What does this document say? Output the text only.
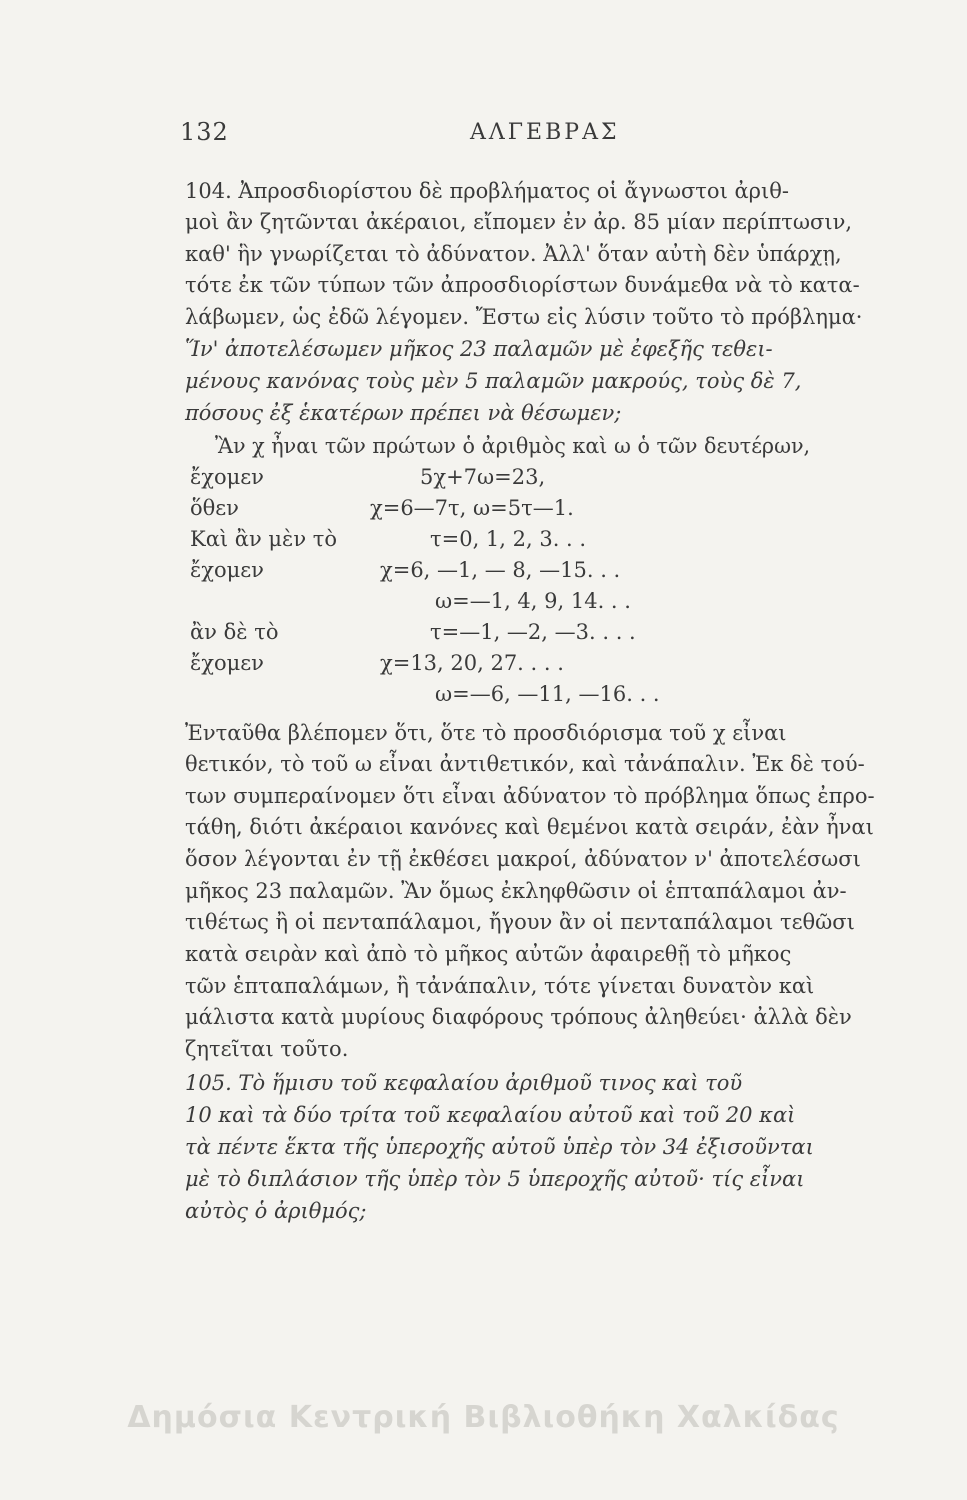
132	ΑΛΓΕΒΡΑΣ
104. Ἀπροσδιορίστου δὲ προβλήματος οἱ ἄγνωστοι ἀριθ-
μοὶ ἂν ζητῶνται ἀκέραιοι, εἴπομεν ἐν ἀρ. 85 μίαν περίπτωσιν,
καθ' ἣν γνωρίζεται τὸ ἀδύνατον. Ἀλλ' ὅταν αὐτὴ δὲν ὑπάρχῃ,
τότε ἐκ τῶν τύπων τῶν ἀπροσδιορίστων δυνάμεθα νὰ τὸ κατα-
λάβωμεν, ὡς ἐδῶ λέγομεν. Ἔστω εἰς λύσιν τοῦτο τὸ πρόβλημα·
Ἵν' ἀποτελέσωμεν μῆκος 23 παλαμῶν μὲ ἐφεξῆς τεθει-
μένους κανόνας τοὺς μὲν 5 παλαμῶν μακρούς, τοὺς δὲ 7,
πόσους ἐξ ἑκατέρων πρέπει νὰ θέσωμεν;
Ἂν χ ἦναι τῶν πρώτων ὁ ἀριθμὸς καὶ ω ὁ τῶν δευτέρων,
ἔχομεν	5χ+7ω=23,
ὅθεν	χ=6—7τ, ω=5τ—1.
Καὶ ἂν μὲν τὸ	τ=0, 1, 2, 3. . .
ἔχομεν	χ=6, —1, — 8, —15. . .
ω=—1, 4, 9, 14. . .
ἂν δὲ τὸ	τ=—1, —2, —3. . . .
ἔχομεν	χ=13, 20, 27. . . .
ω=—6, —11, —16. . .
Ἐνταῦθα βλέπομεν ὅτι, ὅτε τὸ προσδιόρισμα τοῦ χ εἶναι
θετικόν, τὸ τοῦ ω εἶναι ἀντιθετικόν, καὶ τἀνάπαλιν. Ἐκ δὲ τού-
των συμπεραίνομεν ὅτι εἶναι ἀδύνατον τὸ πρόβλημα ὅπως ἐπρο-
τάθη, διότι ἀκέραιοι κανόνες καὶ θεμένοι κατὰ σειράν, ἐὰν ἦναι
ὅσον λέγονται ἐν τῇ ἐκθέσει μακροί, ἀδύνατον ν' ἀποτελέσωσι
μῆκος 23 παλαμῶν. Ἂν ὅμως ἐκληφθῶσιν οἱ ἑπταπάλαμοι ἀν-
τιθέτως ἢ οἱ πενταπάλαμοι, ἤγουν ἂν οἱ πενταπάλαμοι τεθῶσι
κατὰ σειρὰν καὶ ἀπὸ τὸ μῆκος αὐτῶν ἀφαιρεθῇ τὸ μῆκος
τῶν ἑπταπαλάμων, ἢ τἀνάπαλιν, τότε γίνεται δυνατὸν καὶ
μάλιστα κατὰ μυρίους διαφόρους τρόπους ἀληθεύει· ἀλλὰ δὲν
ζητεῖται τοῦτο.
105. Τὸ ἥμισυ τοῦ κεφαλαίου ἀριθμοῦ τινος καὶ τοῦ
10 καὶ τὰ δύο τρίτα τοῦ κεφαλαίου αὐτοῦ καὶ τοῦ 20 καὶ
τὰ πέντε ἕκτα τῆς ὑπεροχῆς αὐτοῦ ὑπὲρ τὸν 34 ἐξισοῦνται
μὲ τὸ διπλάσιον τῆς ὑπὲρ τὸν 5 ὑπεροχῆς αὐτοῦ· τίς εἶναι
αὐτὸς ὁ ἀριθμός;
Δημόσια Κεντρική Βιβλιοθήκη Χαλκίδας
